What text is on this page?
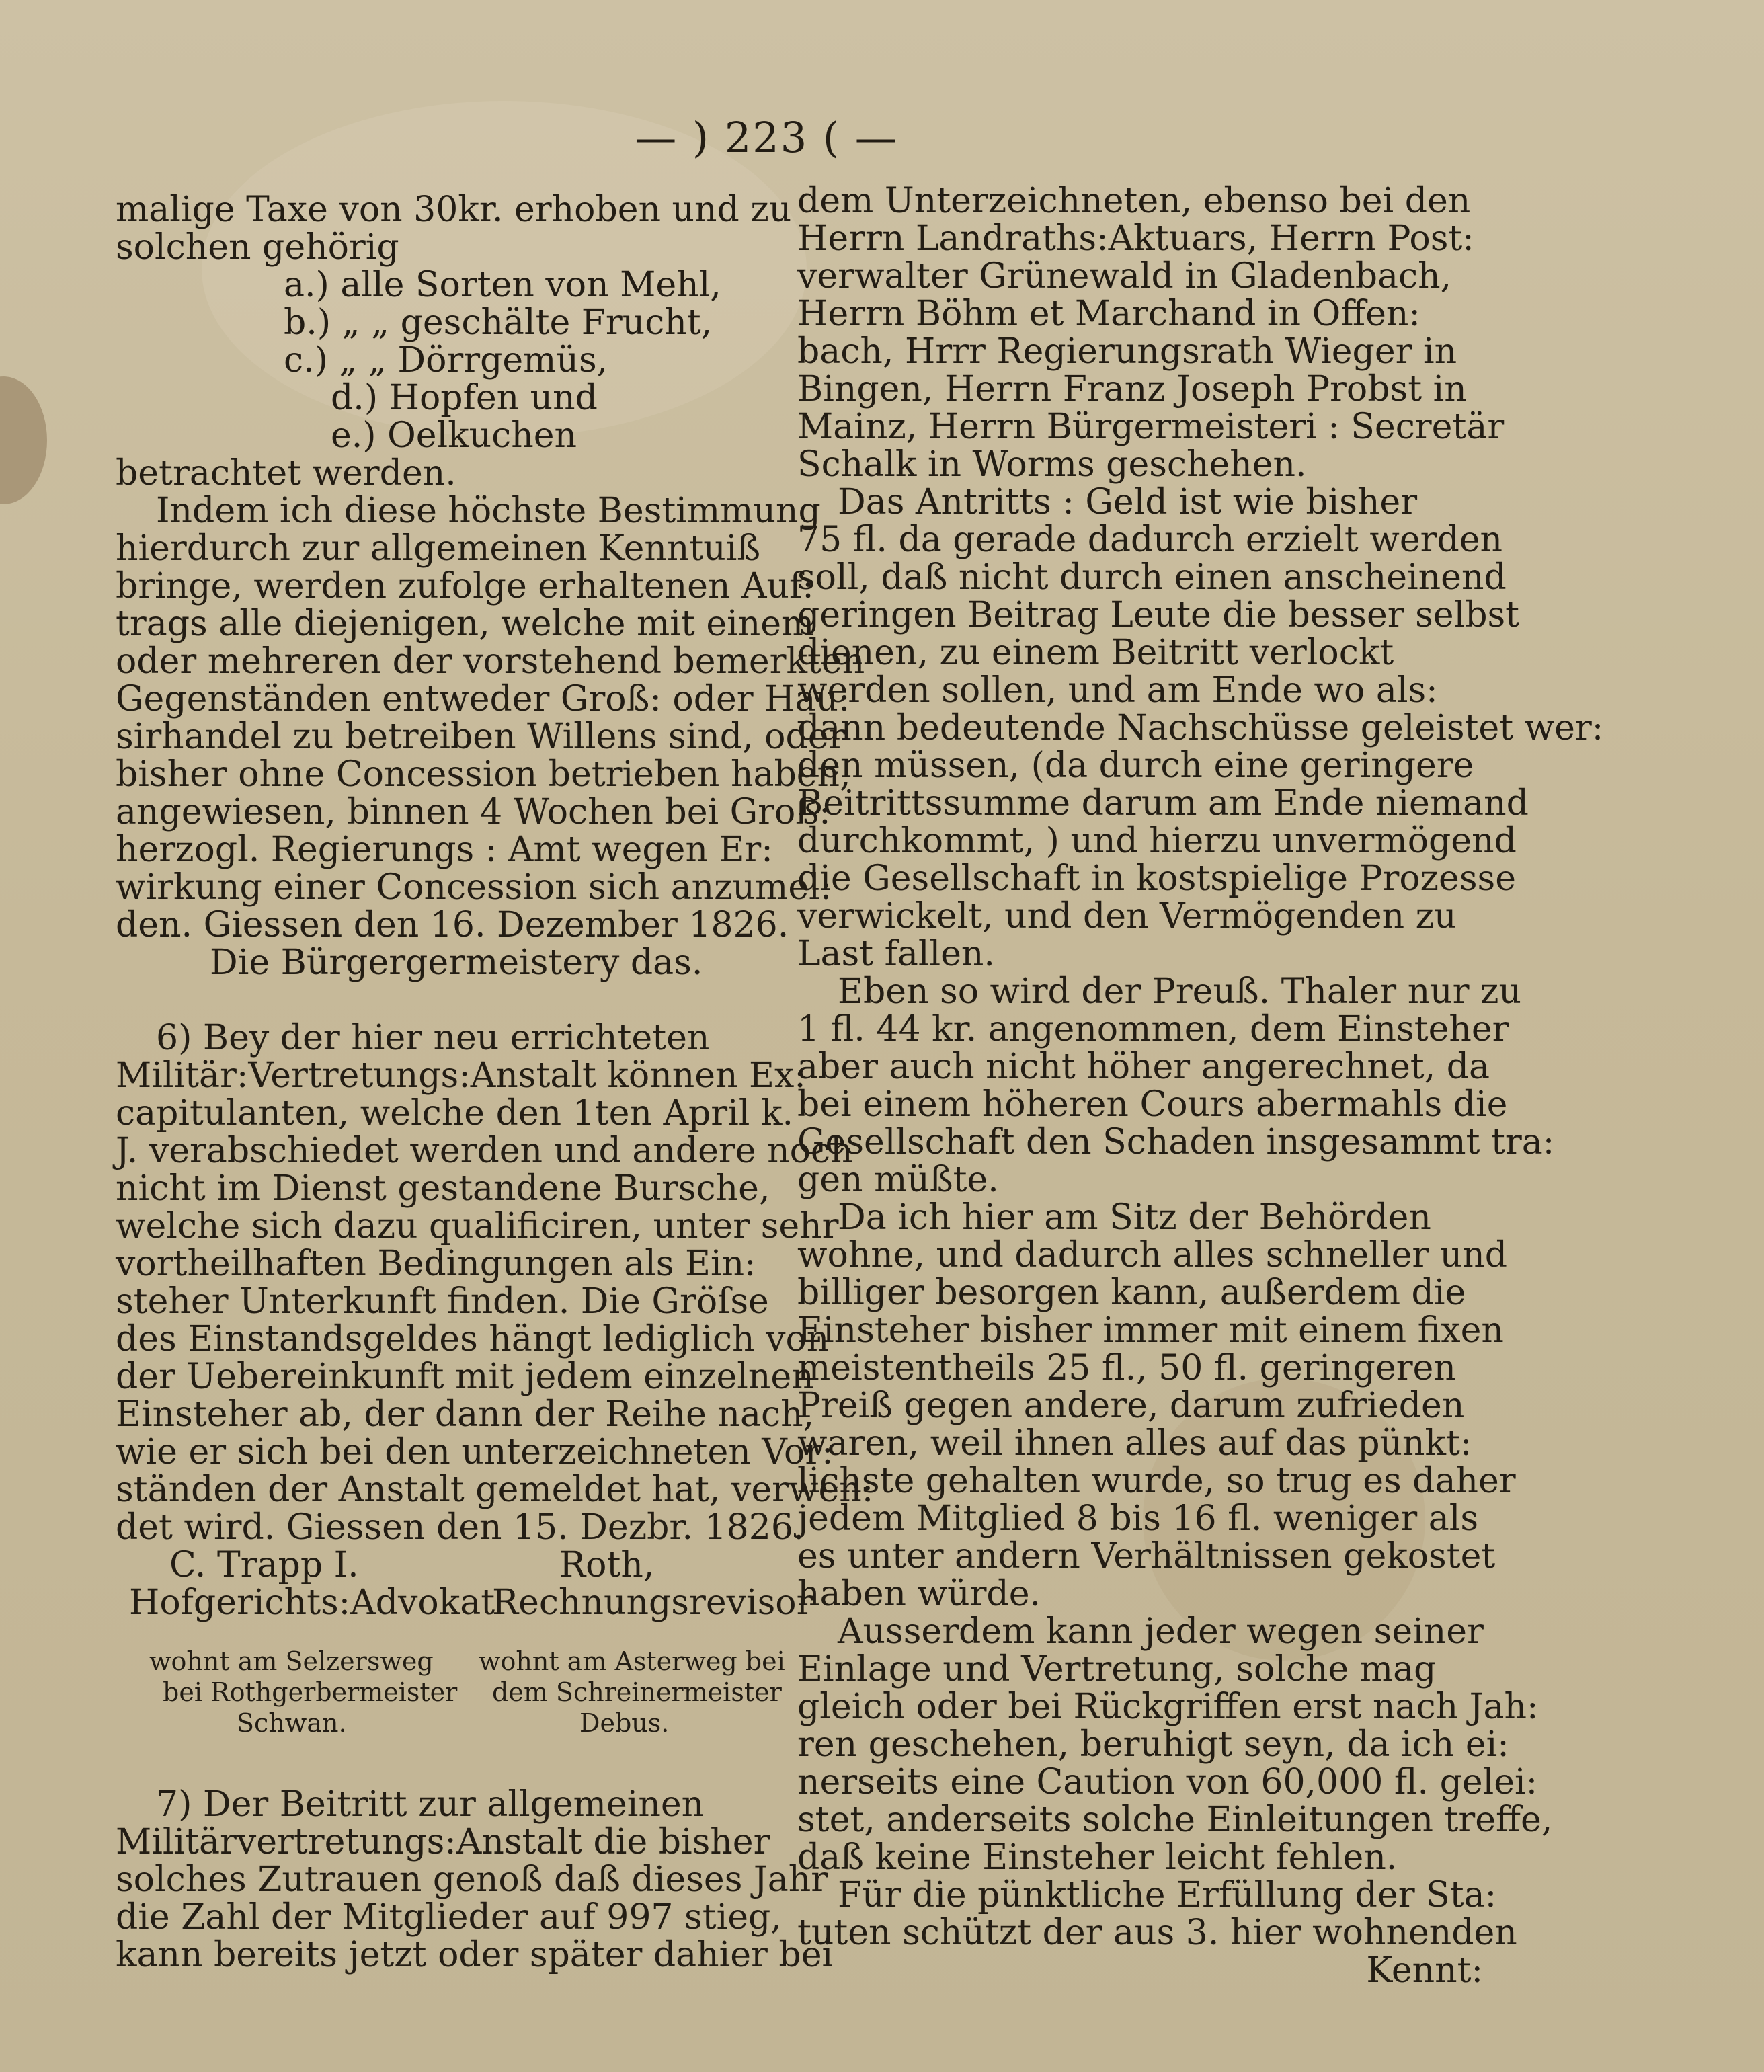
— ) 223 ( —
malige Taxe von 30kr. erhoben und zu
solchen gehörig
a.) alle Sorten von Mehl,
b.) „ „ geschälte Frucht,
c.) „ „ Dörrgemüs,
d.) Hopfen und
e.) Oelkuchen
betrachtet werden.
Indem ich diese höchste Bestimmung
hierdurch zur allgemeinen Kenntuiß
bringe, werden zufolge erhaltenen Auf:
trags alle diejenigen, welche mit einem
oder mehreren der vorstehend bemerkten
Gegenständen entweder Groß: oder Hau:
sirhandel zu betreiben Willens sind, oder
bisher ohne Concession betrieben haben,
angewiesen, binnen 4 Wochen bei Groß:
herzogl. Regierungs : Amt wegen Er:
wirkung einer Concession sich anzumel:
den. Giessen den 16. Dezember 1826.
Die Bürgergermeistery das.
6) Bey der hier neu errichteten
Militär:Vertretungs:Anstalt können Ex:
capitulanten, welche den 1ten April k.
J. verabschiedet werden und andere noch
nicht im Dienst gestandene Bursche,
welche sich dazu qualificiren, unter sehr
vortheilhaften Bedingungen als Ein:
steher Unterkunft finden. Die Gröſse
des Einstandsgeldes hängt lediglich von
der Uebereinkunft mit jedem einzelnen
Einsteher ab, der dann der Reihe nach,
wie er sich bei den unterzeichneten Vor:
ständen der Anstalt gemeldet hat, verwen:
det wird. Giessen den 15. Dezbr. 1826.
C. Trapp I.	Roth,
Hofgerichts:Advokat
Rechnungsrevisor
wohnt am Selzersweg wohnt am Asterweg bei
bei Rothgerbermeister dem Schreinermeister
Schwan.	Debus.
7) Der Beitritt zur allgemeinen
Militärvertretungs:Anstalt die bisher
solches Zutrauen genoß daß dieses Jahr
die Zahl der Mitglieder auf 997 stieg,
kann bereits jetzt oder später dahier bei
dem Unterzeichneten, ebenso bei den
Herrn Landraths:Aktuars, Herrn Post:
verwalter Grünewald in Gladenbach,
Herrn Böhm et Marchand in Offen:
bach, Hrrr Regierungsrath Wieger in
Bingen, Herrn Franz Joseph Probst in
Mainz, Herrn Bürgermeisteri : Secretär
Schalk in Worms geschehen.
Das Antritts : Geld ist wie bisher
75 fl. da gerade dadurch erzielt werden
soll, daß nicht durch einen anscheinend
geringen Beitrag Leute die besser selbst
dienen, zu einem Beitritt verlockt
werden sollen, und am Ende wo als:
dann bedeutende Nachschüsse geleistet wer:
den müssen, (da durch eine geringere
Beitrittssumme darum am Ende niemand
durchkommt, ) und hierzu unvermögend
die Gesellschaft in kostspielige Prozesse
verwickelt, und den Vermögenden zu
Last fallen.
Eben so wird der Preuß. Thaler nur zu
1 fl. 44 kr. angenommen, dem Einsteher
aber auch nicht höher angerechnet, da
bei einem höheren Cours abermahls die
Gesellschaft den Schaden insgesammt tra:
gen müßte.
Da ich hier am Sitz der Behörden
wohne, und dadurch alles schneller und
billiger besorgen kann, außerdem die
Einsteher bisher immer mit einem fixen
meistentheils 25 fl., 50 fl. geringeren
Preiß gegen andere, darum zufrieden
waren, weil ihnen alles auf das pünkt:
lichste gehalten wurde, so trug es daher
jedem Mitglied 8 bis 16 fl. weniger als
es unter andern Verhältnissen gekostet
haben würde.
Ausserdem kann jeder wegen seiner
Einlage und Vertretung, solche mag
gleich oder bei Rückgriffen erst nach Jah:
ren geschehen, beruhigt seyn, da ich ei:
nerseits eine Caution von 60,000 fl. gelei:
stet, anderseits solche Einleitungen treffe,
daß keine Einsteher leicht fehlen.
Für die pünktliche Erfüllung der Sta:
tuten schützt der aus 3. hier wohnenden
Kennt:
